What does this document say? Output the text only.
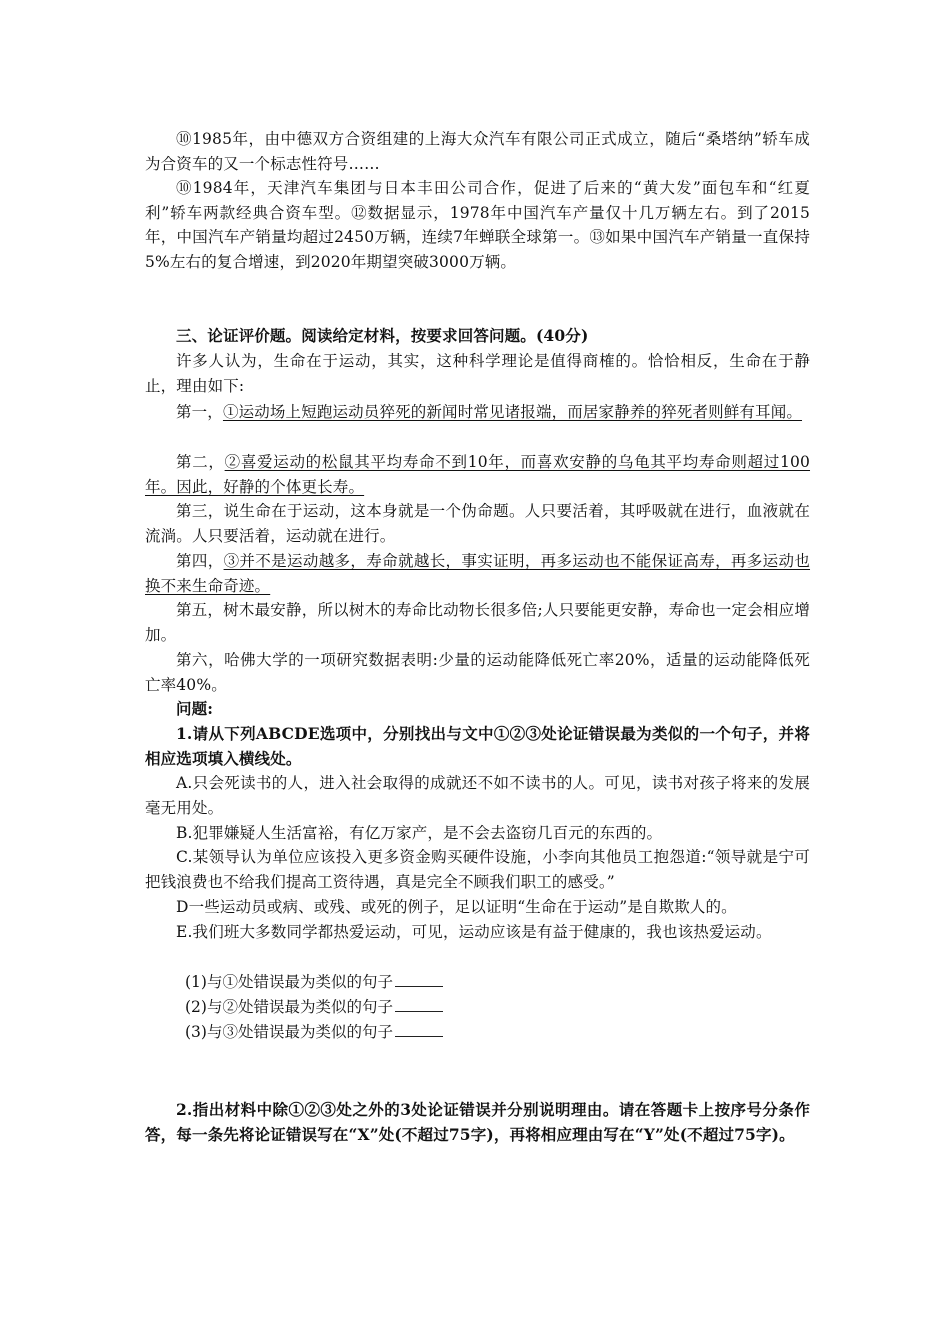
⑩1985年，由中德双方合资组建的上海大众汽车有限公司正式成立，随后“桑塔纳”轿车成为合资车的又一个标志性符号……

⑩1984年，天津汽车集团与日本丰田公司合作，促进了后来的“黄大发”面包车和“红夏利”轿车两款经典合资车型。⑫数据显示，1978年中国汽车产量仅十几万辆左右。到了2015年，中国汽车产销量均超过2450万辆，连续7年蝉联全球第一。⑬如果中国汽车产销量一直保持5%左右的复合增速，到2020年期望突破3000万辆。

三、论证评价题。阅读给定材料，按要求回答问题。(40分)

许多人认为，生命在于运动，其实，这种科学理论是值得商榷的。恰恰相反，生命在于静止，理由如下:

第一，①运动场上短跑运动员猝死的新闻时常见诸报端，而居家静养的猝死者则鲜有耳闻。

第二，②喜爱运动的松鼠其平均寿命不到10年，而喜欢安静的乌龟其平均寿命则超过100年。因此，好静的个体更长寿。

第三，说生命在于运动，这本身就是一个伪命题。人只要活着，其呼吸就在进行，血液就在流淌。人只要活着，运动就在进行。

第四，③并不是运动越多，寿命就越长，事实证明，再多运动也不能保证高寿，再多运动也换不来生命奇迹。

第五，树木最安静，所以树木的寿命比动物长很多倍;人只要能更安静，寿命也一定会相应增加。

第六，哈佛大学的一项研究数据表明:少量的运动能降低死亡率20%，适量的运动能降低死亡率40%。

问题:

1.请从下列ABCDE选项中，分别找出与文中①②③处论证错误最为类似的一个句子，并将相应选项填入横线处。

A.只会死读书的人，进入社会取得的成就还不如不读书的人。可见，读书对孩子将来的发展毫无用处。

B.犯罪嫌疑人生活富裕，有亿万家产，是不会去盗窃几百元的东西的。

C.某领导认为单位应该投入更多资金购买硬件设施，小李向其他员工抱怨道:“领导就是宁可把钱浪费也不给我们提高工资待遇，真是完全不顾我们职工的感受。”

D一些运动员或病、或残、或死的例子，足以证明“生命在于运动”是自欺欺人的。

E.我们班大多数同学都热爱运动，可见，运动应该是有益于健康的，我也该热爱运动。

(1)与①处错误最为类似的句子

(2)与②处错误最为类似的句子

(3)与③处错误最为类似的句子

2.指出材料中除①②③处之外的3处论证错误并分别说明理由。请在答题卡上按序号分条作答，每一条先将论证错误写在“X”处(不超过75字)，再将相应理由写在“Y”处(不超过75字)。
